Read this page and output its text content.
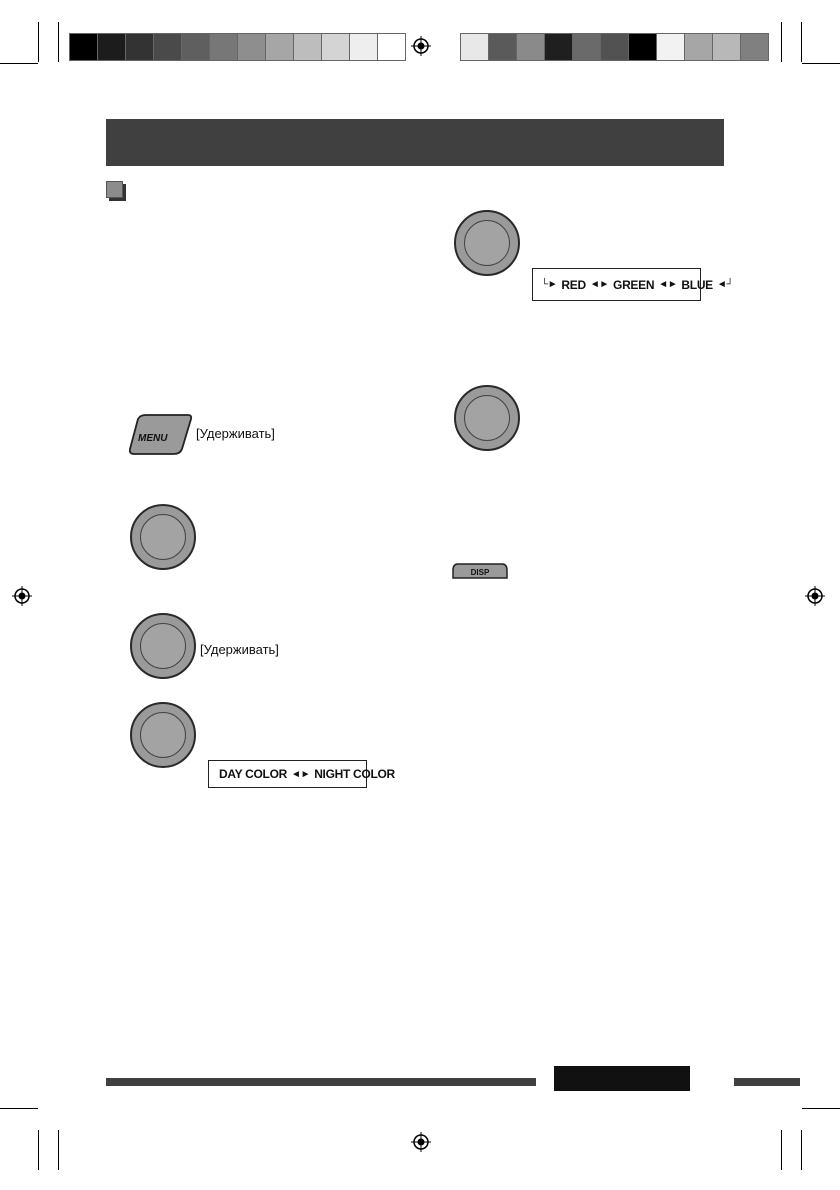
MENU [Удерживать]
[Удерживать]
DAY COLOR ◄► NIGHT COLOR
└► RED ◄► GREEN ◄► BLUE ◄┘
DISP
